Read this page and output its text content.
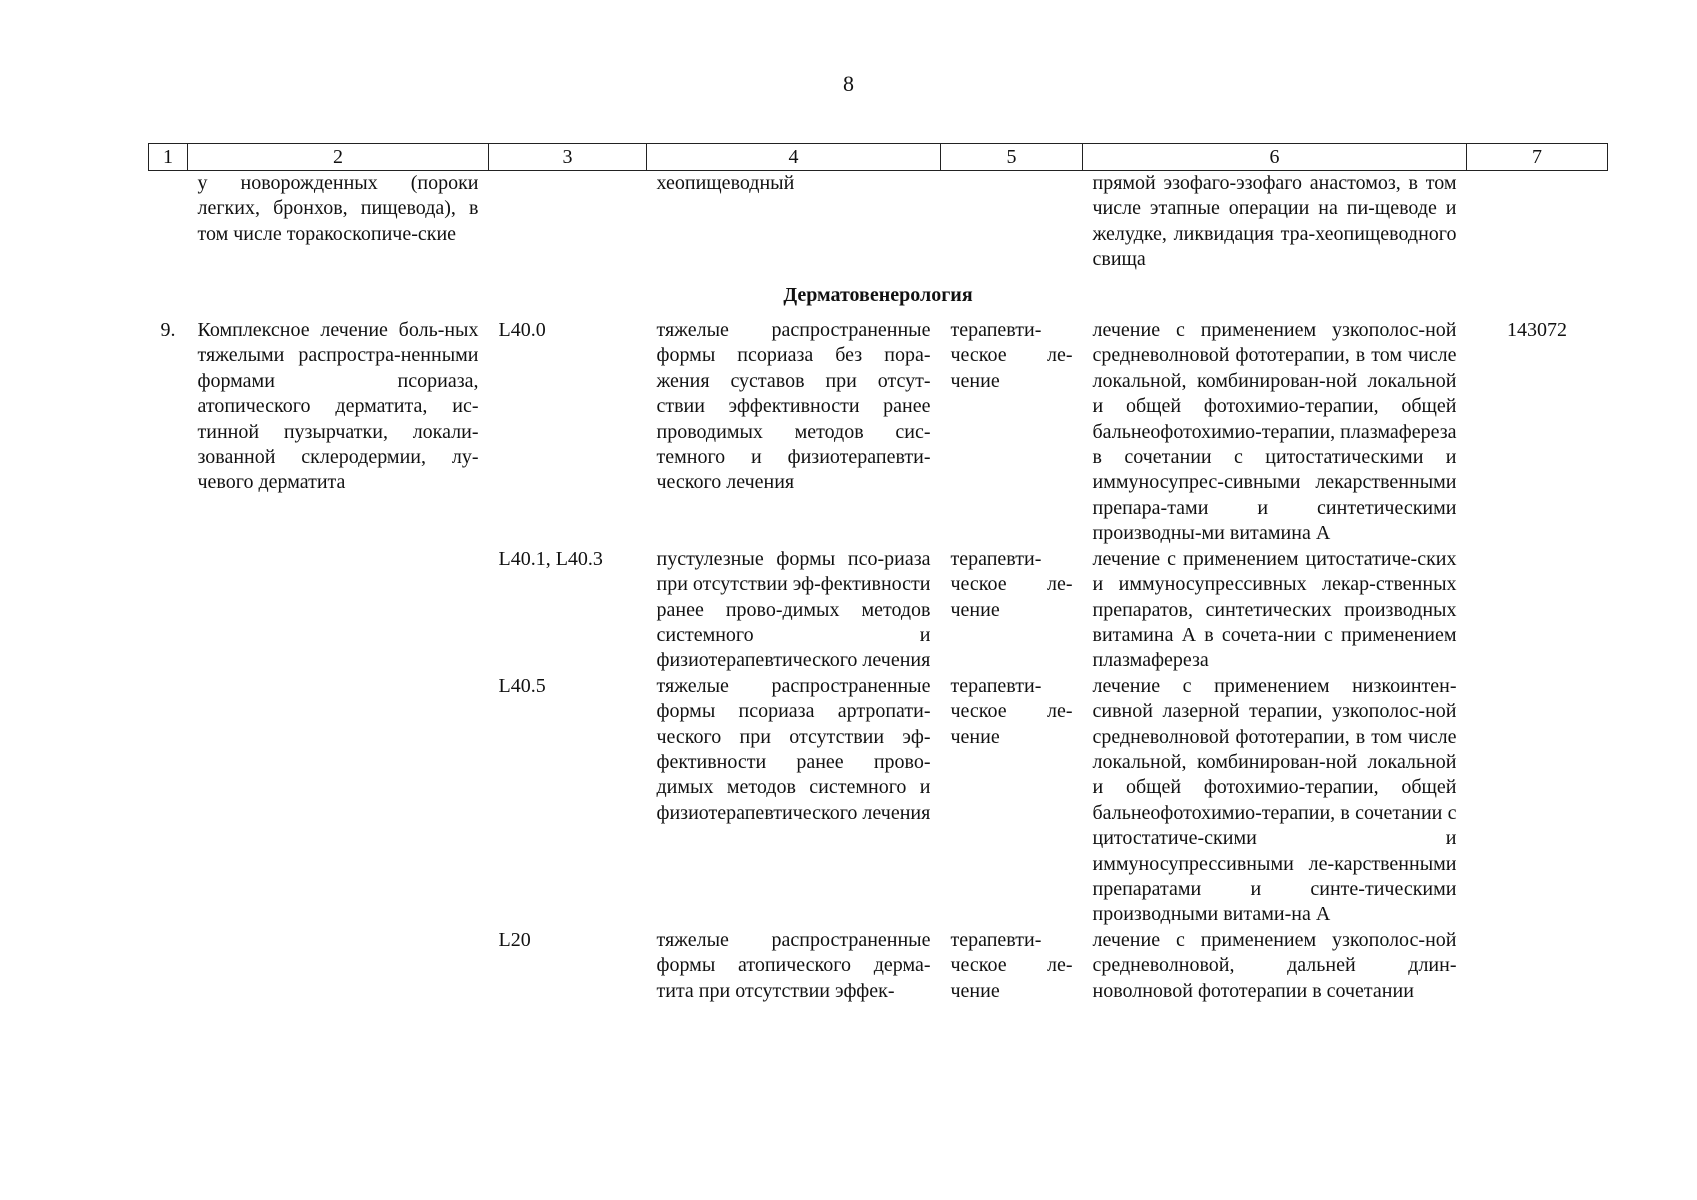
8
1	2	3	4	5	6	7
	у новорожденных (пороки легких, бронхов, пищевода), в том числе торакоскопиче-ские		хеопищеводный		прямой эзофаго-эзофаго анастомоз, в том числе этапные операции на пи-щеводе и желудке, ликвидация тра-хеопищеводного свища	
Дерматовенерология						
9.	Комплексное лечение боль-ных тяжелыми распростра-ненными формами псориаза, атопического дерматита, ис-тинной пузырчатки, локали-зованной склеродермии, лу-чевого дерматита	L40.0	тяжелые распространенные формы псориаза без пора-жения суставов при отсут-ствии эффективности ранее проводимых методов сис-темного и физиотерапевти-ческого лечения	терапевти-ческое ле-чение	лечение с применением узкополос-ной средневолновой фототерапии, в том числе локальной, комбинирован-ной локальной и общей фотохимио-терапии, общей бальнеофотохимио-терапии, плазмафереза в сочетании с цитостатическими и иммуносупрес-сивными лекарственными препара-тами и синтетическими производны-ми витамина А	143072
		L40.1, L40.3	пустулезные формы псо-риаза при отсутствии эф-фективности ранее прово-димых методов системного и физиотерапевтического лечения	терапевти-ческое ле-чение	лечение с применением цитостатиче-ских и иммуносупрессивных лекар-ственных препаратов, синтетических производных витамина А в сочета-нии с применением плазмафереза	
		L40.5	тяжелые распространенные формы псориаза артропати-ческого при отсутствии эф-фективности ранее прово-димых методов системного и физиотерапевтического лечения	терапевти-ческое ле-чение	лечение с применением низкоинтен-сивной лазерной терапии, узкополос-ной средневолновой фототерапии, в том числе локальной, комбинирован-ной локальной и общей фотохимио-терапии, общей бальнеофотохимио-терапии, в сочетании с цитостатиче-скими и иммуносупрессивными ле-карственными препаратами и синте-тическими производными витами-на А	
		L20	тяжелые распространенные формы атопического дерма-тита при отсутствии эффек-	терапевти-ческое ле-чение	лечение с применением узкополос-ной средневолновой, дальней длин-новолновой фототерапии в сочетании	
